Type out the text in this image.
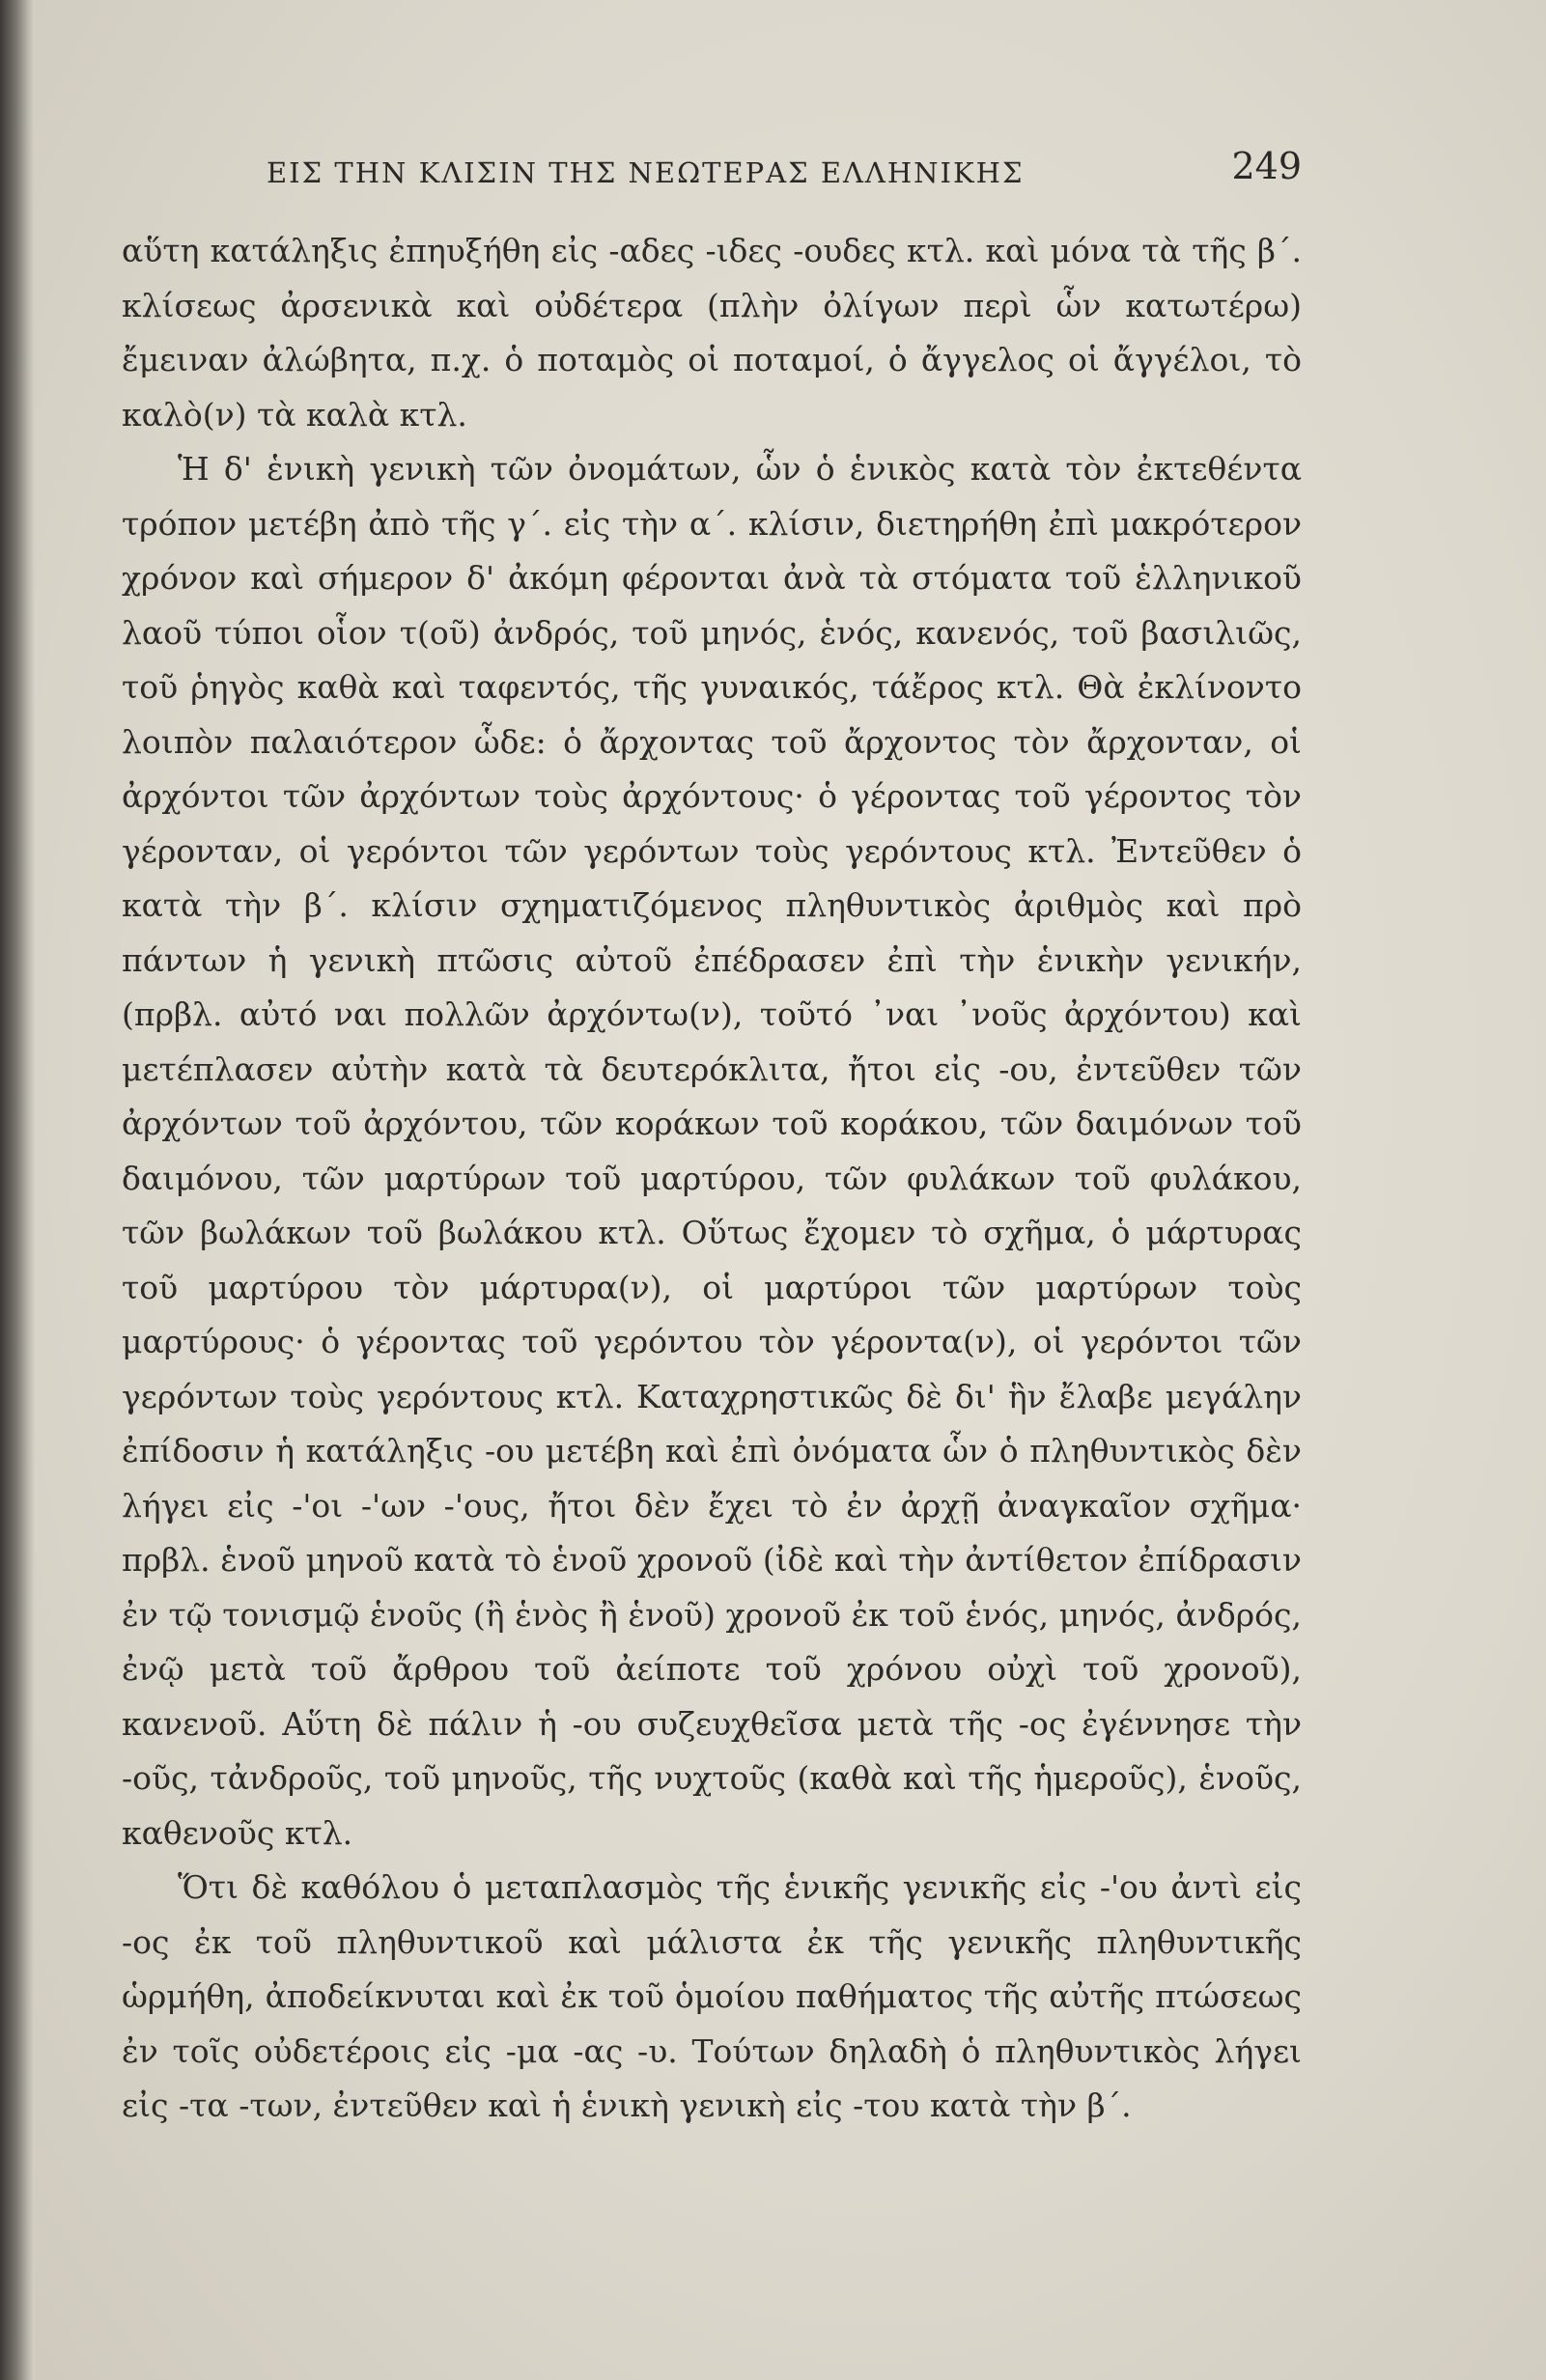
ΕΙΣ ΤΗΝ ΚΛΙΣΙΝ ΤΗΣ ΝΕΩΤΕΡΑΣ ΕΛΛΗΝΙΚΗΣ	249

αὕτη κατάληξις ἐπηυξήθη εἰς -αδες -ιδες -ουδες κτλ. καὶ μόνα τὰ τῆς β΄. κλίσεως ἀρσενικὰ καὶ οὐδέτερα (πλὴν ὀλίγων περὶ ὧν κατωτέρω) ἔμειναν ἀλώβητα, π.χ. ὁ ποταμὸς οἱ ποταμοί, ὁ ἄγγελος οἱ ἄγγέλοι, τὸ καλὸ(ν) τὰ καλὰ κτλ.

Ἡ δ' ἑνικὴ γενικὴ τῶν ὀνομάτων, ὧν ὁ ἑνικὸς κατὰ τὸν ἐκτεθέντα τρόπον μετέβη ἀπὸ τῆς γ΄. εἰς τὴν α΄. κλίσιν, διετηρήθη ἐπὶ μακρότερον χρόνον καὶ σήμερον δ' ἀκόμη φέρονται ἀνὰ τὰ στόματα τοῦ ἑλληνικοῦ λαοῦ τύποι οἷον τ(οῦ) ἀνδρός, τοῦ μηνός, ἑνός, κανενός, τοῦ βασιλιῶς, τοῦ ῥηγὸς καθὰ καὶ ταφεντός, τῆς γυναικός, τάἔρος κτλ. Θὰ ἐκλίνοντο λοιπὸν παλαιότερον ὧδε: ὁ ἄρχοντας τοῦ ἄρχοντος τὸν ἄρχονταν, οἱ ἀρχόντοι τῶν ἀρχόντων τοὺς ἀρχόντους· ὁ γέροντας τοῦ γέροντος τὸν γέρονταν, οἱ γερόντοι τῶν γερόντων τοὺς γερόντους κτλ. Ἐντεῦθεν ὁ κατὰ τὴν β΄. κλίσιν σχηματιζόμενος πληθυντικὸς ἀριθμὸς καὶ πρὸ πάντων ἡ γενικὴ πτῶσις αὐτοῦ ἐπέδρασεν ἐπὶ τὴν ἑνικὴν γενικήν, (πρβλ. αὐτό ναι πολλῶν ἀρχόντω(ν), τοῦτό ᾽ναι ᾽νοῦς ἀρχόντου) καὶ μετέπλασεν αὐτὴν κατὰ τὰ δευτερόκλιτα, ἤτοι εἰς -ου, ἐντεῦθεν τῶν ἀρχόντων τοῦ ἀρχόντου, τῶν κοράκων τοῦ κοράκου, τῶν δαιμόνων τοῦ δαιμόνου, τῶν μαρτύρων τοῦ μαρτύρου, τῶν φυλάκων τοῦ φυλάκου, τῶν βωλάκων τοῦ βωλάκου κτλ. Οὕτως ἔχομεν τὸ σχῆμα, ὁ μάρτυρας τοῦ μαρτύρου τὸν μάρτυρα(ν), οἱ μαρτύροι τῶν μαρτύρων τοὺς μαρτύρους· ὁ γέροντας τοῦ γερόντου τὸν γέροντα(ν), οἱ γερόντοι τῶν γερόντων τοὺς γερόντους κτλ. Καταχρηστικῶς δὲ δι' ἣν ἔλαβε μεγάλην ἐπίδοσιν ἡ κατάληξις -ου μετέβη καὶ ἐπὶ ὀνόματα ὧν ὁ πληθυντικὸς δὲν λήγει εἰς -'οι -'ων -'ους, ἤτοι δὲν ἔχει τὸ ἐν ἀρχῇ ἀναγκαῖον σχῆμα· πρβλ. ἑνοῦ μηνοῦ κατὰ τὸ ἑνοῦ χρονοῦ (ἰδὲ καὶ τὴν ἀντίθετον ἐπίδρασιν ἐν τῷ τονισμῷ ἑνοῦς (ἢ ἑνὸς ἢ ἑνοῦ) χρονοῦ ἐκ τοῦ ἑνός, μηνός, ἀνδρός, ἐνῷ μετὰ τοῦ ἄρθρου τοῦ ἀείποτε τοῦ χρόνου οὐχὶ τοῦ χρονοῦ), κανενοῦ. Αὕτη δὲ πάλιν ἡ -ου συζευχθεῖσα μετὰ τῆς -ος ἐγέννησε τὴν -οῦς, τἀνδροῦς, τοῦ μηνοῦς, τῆς νυχτοῦς (καθὰ καὶ τῆς ἡμεροῦς), ἑνοῦς, καθενοῦς κτλ.

Ὅτι δὲ καθόλου ὁ μεταπλασμὸς τῆς ἑνικῆς γενικῆς εἰς -'ου ἀντὶ εἰς -ος ἐκ τοῦ πληθυντικοῦ καὶ μάλιστα ἐκ τῆς γενικῆς πληθυντικῆς ὡρμήθη, ἀποδείκνυται καὶ ἐκ τοῦ ὁμοίου παθήματος τῆς αὐτῆς πτώσεως ἐν τοῖς οὐδετέροις εἰς -μα -ας -υ. Τούτων δηλαδὴ ὁ πληθυντικὸς λήγει εἰς -τα -των, ἐντεῦθεν καὶ ἡ ἑνικὴ γενικὴ εἰς -του κατὰ τὴν β΄.
